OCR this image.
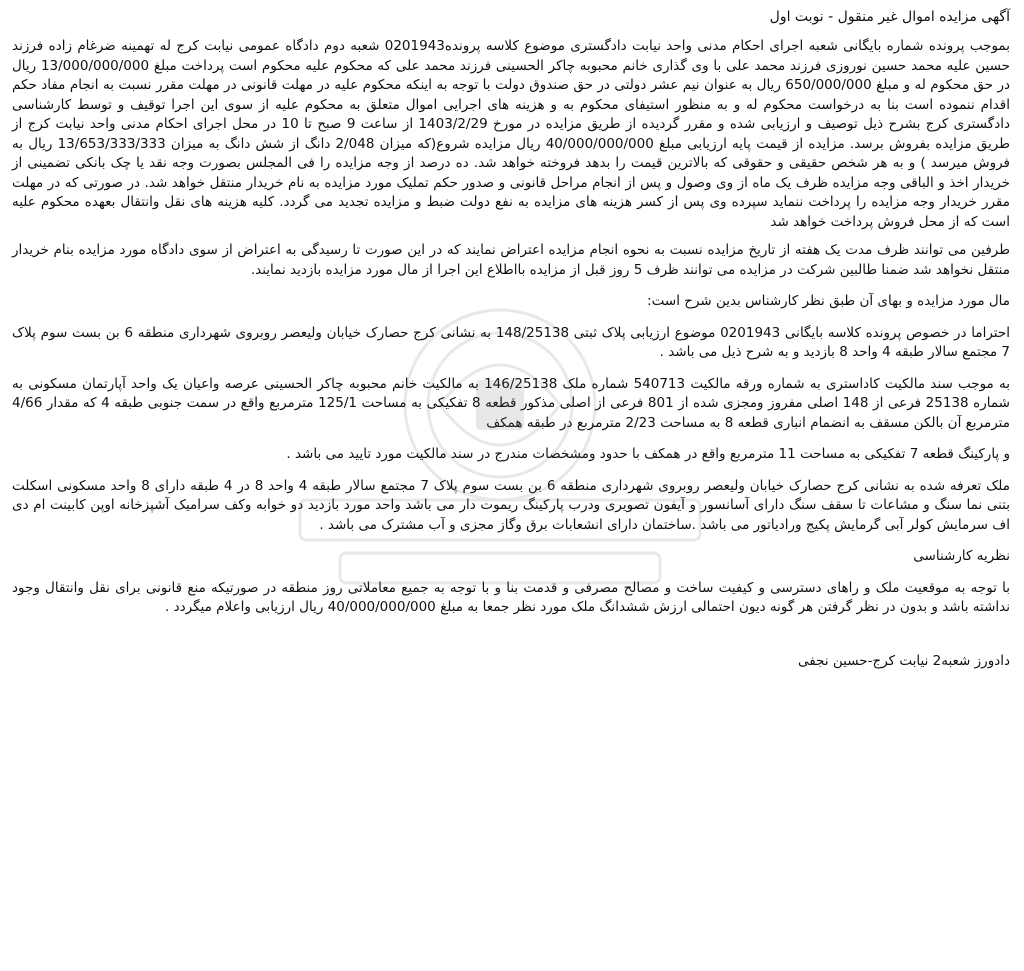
آگهی مزایده اموال غیر منقول - نوبت اول

بموجب پرونده شماره بایگانی شعبه اجرای احکام مدنی واحد نیابت دادگستری موضوع کلاسه پرونده0201943 شعبه دوم دادگاه عمومی نیابت کرج له تهمینه ضرغام زاده فرزند حسین علیه محمد حسین نوروزی فرزند محمد علی با وی گذاری خانم محبوبه چاکر الحسینی فرزند محمد علی که محکوم علیه محکوم است پرداخت مبلغ 13/000/000/000 ریال در حق محکوم له و مبلغ 650/000/000 ریال به عنوان نیم عشر دولتی در حق صندوق دولت با توجه به اینکه محکوم علیه در مهلت قانونی در مهلت مقرر نسبت به انجام مفاد حکم اقدام ننموده است بنا به درخواست محکوم له و به منظور استیفای محکوم به و هزینه های اجرایی اموال متعلق به محکوم علیه از سوی این اجرا توقیف و توسط کارشناسی دادگستری کرج بشرح ذیل توصیف و ارزیابی شده و مقرر گردیده از طریق مزایده در مورخ 1403/2/29 از ساعت 9 صبح تا 10 در محل اجرای احکام مدنی واحد نیابت کرج از طریق مزایده بفروش برسد. مزایده از قیمت پایه ارزیابی مبلغ 40/000/000/000 ریال مزایده شروع(که میزان 2/048 دانگ از شش دانگ به میزان 13/653/333/333 ریال به فروش میرسد ) و به هر شخص حقیقی و حقوقی که بالاترین قیمت را بدهد فروخته خواهد شد. ده درصد از وجه مزایده را فی المجلس بصورت وجه نقد یا چک بانکی تضمینی از خریدار اخذ و الباقی وجه مزایده ظرف یک ماه از وی وصول و پس از انجام مراحل قانونی و صدور حکم تملیک مورد مزایده به نام خریدار منتقل خواهد شد. در صورتی که در مهلت مقرر خریدار وجه مزایده را پرداخت ننماید سپرده وی پس از کسر هزینه های مزایده به نفع دولت ضبط و مزایده تجدید می گردد. کلیه هزینه های نقل وانتقال بعهده محکوم علیه است که از محل فروش پرداخت خواهد شد

طرفین می توانند ظرف مدت یک هفته از تاریخ مزایده نسبت به نحوه انجام مزایده اعتراض نمایند که در این صورت تا رسیدگی به اعتراض از سوی دادگاه مورد مزایده بنام خریدار منتقل نخواهد شد ضمنا طالبین شرکت در مزایده می توانند ظرف 5 روز قبل از مزایده بااطلاع این اجرا از مال مورد مزایده بازدید نمایند.

مال مورد مزایده و بهای آن طبق نظر کارشناس بدین شرح است:

احتراما در خصوص پرونده کلاسه بایگانی 0201943 موضوع ارزیابی پلاک ثبتی 148/25138 به نشانی کرج حصارک خیابان ولیعصر روبروی شهرداری منطقه 6 بن بست سوم پلاک 7 مجتمع سالار طبقه 4 واحد 8 بازدید و به شرح ذیل می باشد .

به موجب سند مالکیت کاداستری به شماره ورقه مالکیت 540713 شماره ملک 146/25138 به مالکیت خانم محبوبه چاکر الحسینی عرصه واعیان یک واحد آپارتمان مسکونی به شماره 25138 فرعی از 148 اصلی مفروز ومجزی شده از 801 فرعی از اصلی مذکور قطعه 8 تفکیکی به مساحت 125/1 مترمربع واقع در سمت جنوبی طبقه 4 که مقدار 4/66 مترمربع آن بالکن مسقف به انضمام انباری قطعه 8 به مساحت 2/23 مترمربع در طبقه همکف

و پارکینگ قطعه 7 تفکیکی به مساحت 11 مترمربع واقع در همکف با حدود ومشخصات مندرج در سند مالکیت مورد تایید می باشد .

ملک تعرفه شده به نشانی کرج حصارک خیابان ولیعصر روبروی شهرداری منطقه 6 بن بست سوم پلاک 7 مجتمع سالار طبقه 4 واحد 8 در 4 طبقه دارای 8 واحد مسکونی اسکلت بتنی نما سنگ و مشاعات تا سقف سنگ دارای آسانسور و آیفون تصویری ودرب پارکینگ ریموت دار می باشد واحد مورد بازدید دو خوابه وکف سرامیک آشپزخانه اوپن کابینت ام دی اف سرمایش کولر آبی گرمایش پکیج ورادیاتور می باشد .ساختمان دارای انشعابات برق وگاز مجزی و آب مشترک می باشد .

نظریه کارشناسی

با توجه به موقعیت ملک و راهای دسترسی و کیفیت ساخت و مصالح مصرفی و قدمت بنا و با توجه به جمیع معاملاتی روز منطقه در صورتیکه منع قانونی برای نقل وانتقال وجود نداشته باشد و بدون در نظر گرفتن هر گونه دیون احتمالی ارزش ششدانگ ملک مورد نظر جمعا به مبلغ 40/000/000/000 ریال ارزیابی واعلام میگردد .

دادورز شعبه2 نیابت کرج-حسین نجفی
